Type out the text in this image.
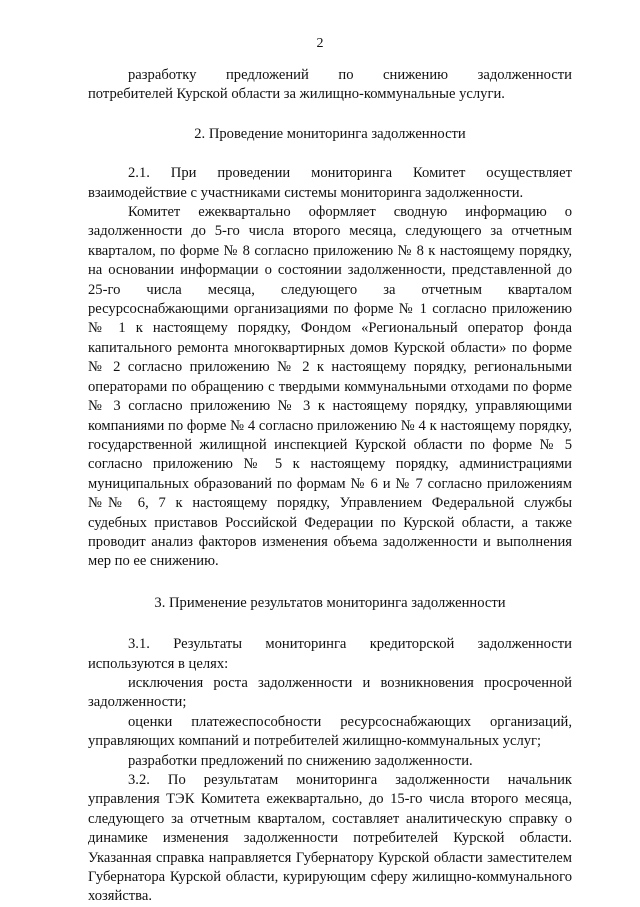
2

разработку предложений по снижению задолженности

потребителей Курской области за жилищно-коммунальные услуги.

2. Проведение мониторинга задолженности

2.1. При проведении мониторинга Комитет осуществляет взаимодействие с участниками системы мониторинга задолженности.

Комитет ежеквартально оформляет сводную информацию о задолженности до 5-го числа второго месяца, следующего за отчетным кварталом, по форме № 8 согласно приложению № 8 к настоящему порядку, на основании информации о состоянии задолженности, представленной до 25-го числа месяца, следующего за отчетным кварталом ресурсоснабжающими организациями по форме № 1 согласно приложению № 1 к настоящему порядку, Фондом «Региональный оператор фонда капитального ремонта многоквартирных домов Курской области» по форме № 2 согласно приложению № 2 к настоящему порядку, региональными операторами по обращению с твердыми коммунальными отходами по форме № 3 согласно приложению № 3 к настоящему порядку, управляющими компаниями по форме № 4 согласно приложению № 4 к настоящему порядку, государственной жилищной инспекцией Курской области по форме № 5 согласно приложению № 5 к настоящему порядку, администрациями муниципальных образований по формам № 6 и № 7 согласно приложениям №№ 6, 7 к настоящему порядку, Управлением Федеральной службы судебных приставов Российской Федерации по Курской области, а также проводит анализ факторов изменения объема задолженности и выполнения мер по ее снижению.

3. Применение результатов мониторинга задолженности

3.1. Результаты мониторинга кредиторской задолженности используются в целях:

исключения роста задолженности и возникновения просроченной задолженности;

оценки платежеспособности ресурсоснабжающих организаций, управляющих компаний и потребителей жилищно-коммунальных услуг;

разработки предложений по снижению задолженности.

3.2. По результатам мониторинга задолженности начальник управления ТЭК Комитета ежеквартально, до 15-го числа второго месяца, следующего за отчетным кварталом, составляет аналитическую справку о динамике изменения задолженности потребителей Курской области. Указанная справка направляется Губернатору Курской области заместителем Губернатора Курской области, курирующим сферу жилищно-коммунального хозяйства.
